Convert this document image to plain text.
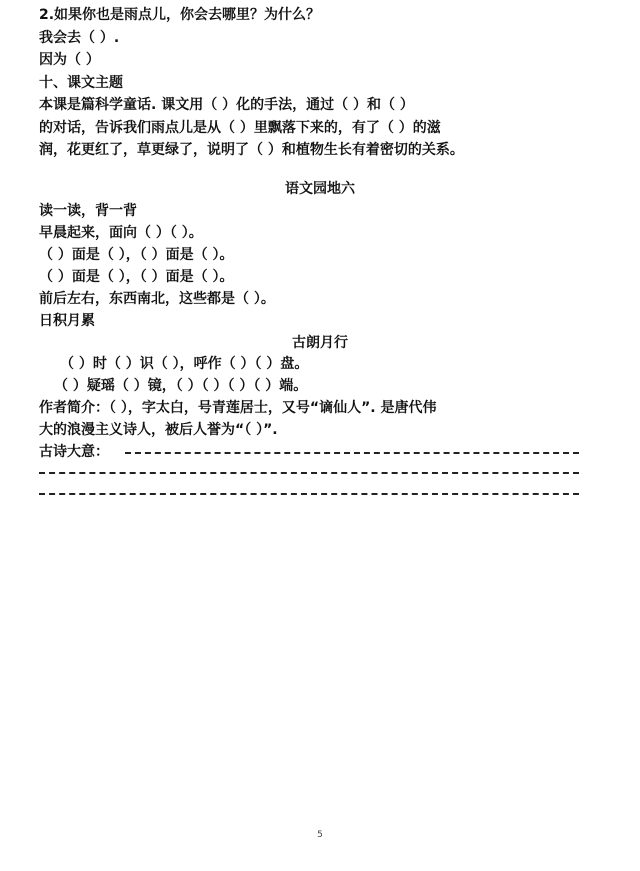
2.如果你也是雨点儿，你会去哪里？为什么？
我会去（ ）.
因为（ ）
十、课文主题
本课是篇科学童话. 课文用（ ）化的手法，通过（ ）和（ ）
的对话，告诉我们雨点儿是从（ ）里飘落下来的，有了（ ）的滋
润，花更红了，草更绿了，说明了（ ）和植物生长有着密切的关系。
语文园地六
读一读，背一背
早晨起来，面向（ ）（ ）。
（ ）面是（ ），（ ）面是（ ）。
（ ）面是（ ），（ ）面是（ ）。
前后左右，东西南北，这些都是（ ）。
日积月累
古朗月行
（ ）时（ ）识（ ），呼作（ ）（ ）盘。
（ ）疑瑶（ ）镜，（ ）（ ）（ ）（ ）端。
作者简介：（ ），字太白，号青莲居士，又号“谪仙人”. 是唐代伟
大的浪漫主义诗人，被后人誉为“（ ）”.
古诗大意：
5
